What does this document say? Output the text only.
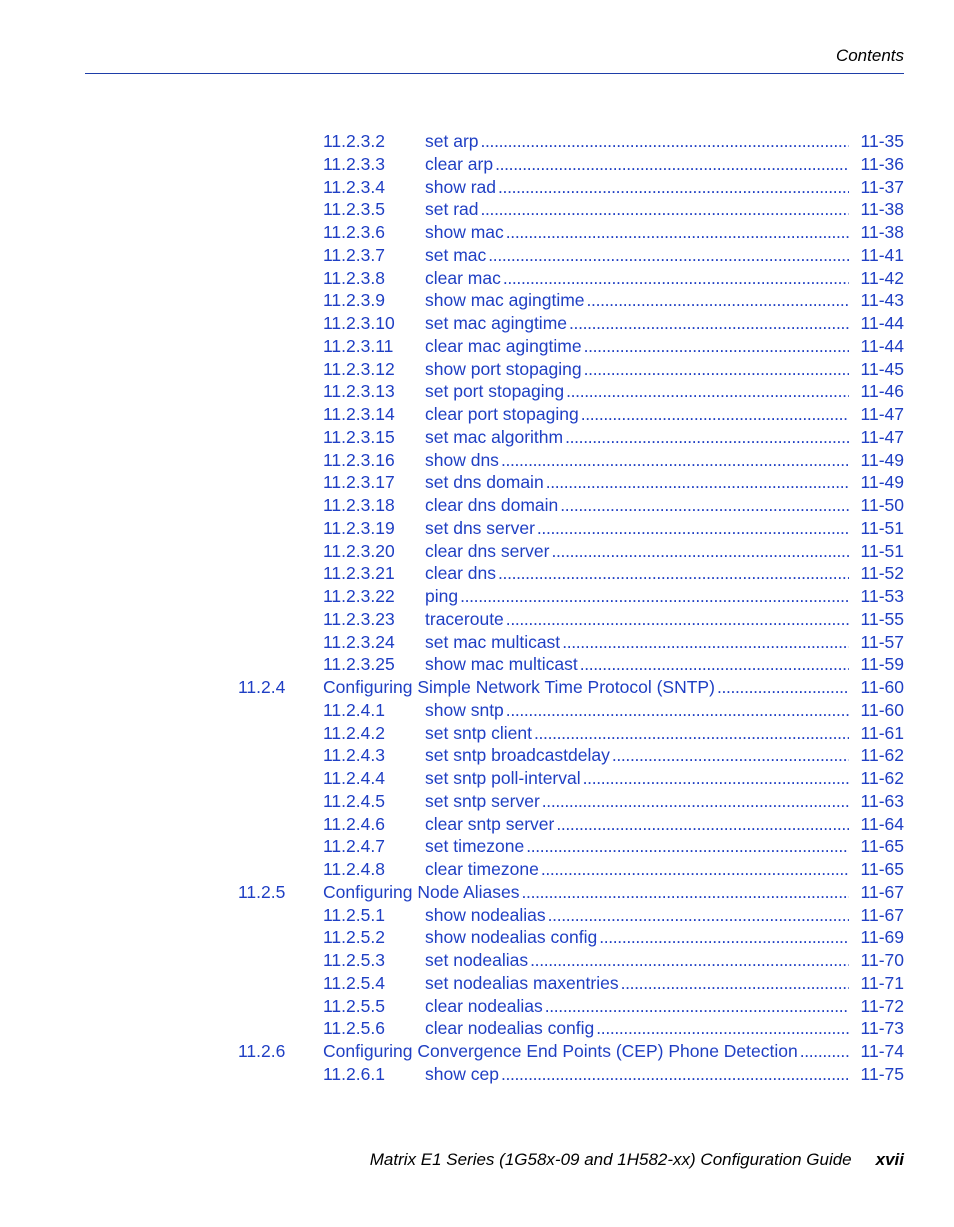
Contents
11.2.3.2 set arp . . .	11-35
11.2.3.3 clear arp . . .	11-36
11.2.3.4 show rad . . .	11-37
11.2.3.5 set rad . . .	11-38
11.2.3.6 show mac . . .	11-38
11.2.3.7 set mac . . .	11-41
11.2.3.8 clear mac . . .	11-42
11.2.3.9 show mac agingtime . . .	11-43
11.2.3.10 set mac agingtime . . .	11-44
11.2.3.11 clear mac agingtime . . .	11-44
11.2.3.12 show port stopaging . . .	11-45
11.2.3.13 set port stopaging . . .	11-46
11.2.3.14 clear port stopaging . . .	11-47
11.2.3.15 set mac algorithm . . .	11-47
11.2.3.16 show dns . . .	11-49
11.2.3.17 set dns domain . . .	11-49
11.2.3.18 clear dns domain . . .	11-50
11.2.3.19 set dns server . . .	11-51
11.2.3.20 clear dns server . . .	11-51
11.2.3.21 clear dns . . .	11-52
11.2.3.22 ping . . .	11-53
11.2.3.23 traceroute . . .	11-55
11.2.3.24 set mac multicast . . .	11-57
11.2.3.25 show mac multicast . . .	11-59
11.2.4 Configuring Simple Network Time Protocol (SNTP) . . .	11-60
11.2.4.1 show sntp . . .	11-60
11.2.4.2 set sntp client . . .	11-61
11.2.4.3 set sntp broadcastdelay . . .	11-62
11.2.4.4 set sntp poll-interval . . .	11-62
11.2.4.5 set sntp server . . .	11-63
11.2.4.6 clear sntp server . . .	11-64
11.2.4.7 set timezone . . .	11-65
11.2.4.8 clear timezone . . .	11-65
11.2.5 Configuring Node Aliases . . .	11-67
11.2.5.1 show nodealias . . .	11-67
11.2.5.2 show nodealias config . . .	11-69
11.2.5.3 set nodealias . . .	11-70
11.2.5.4 set nodealias maxentries . . .	11-71
11.2.5.5 clear nodealias . . .	11-72
11.2.5.6 clear nodealias config . . .	11-73
11.2.6 Configuring Convergence End Points (CEP) Phone Detection . . .	11-74
11.2.6.1 show cep . . .	11-75
Matrix E1 Series (1G58x-09 and 1H582-xx) Configuration Guide xvii
